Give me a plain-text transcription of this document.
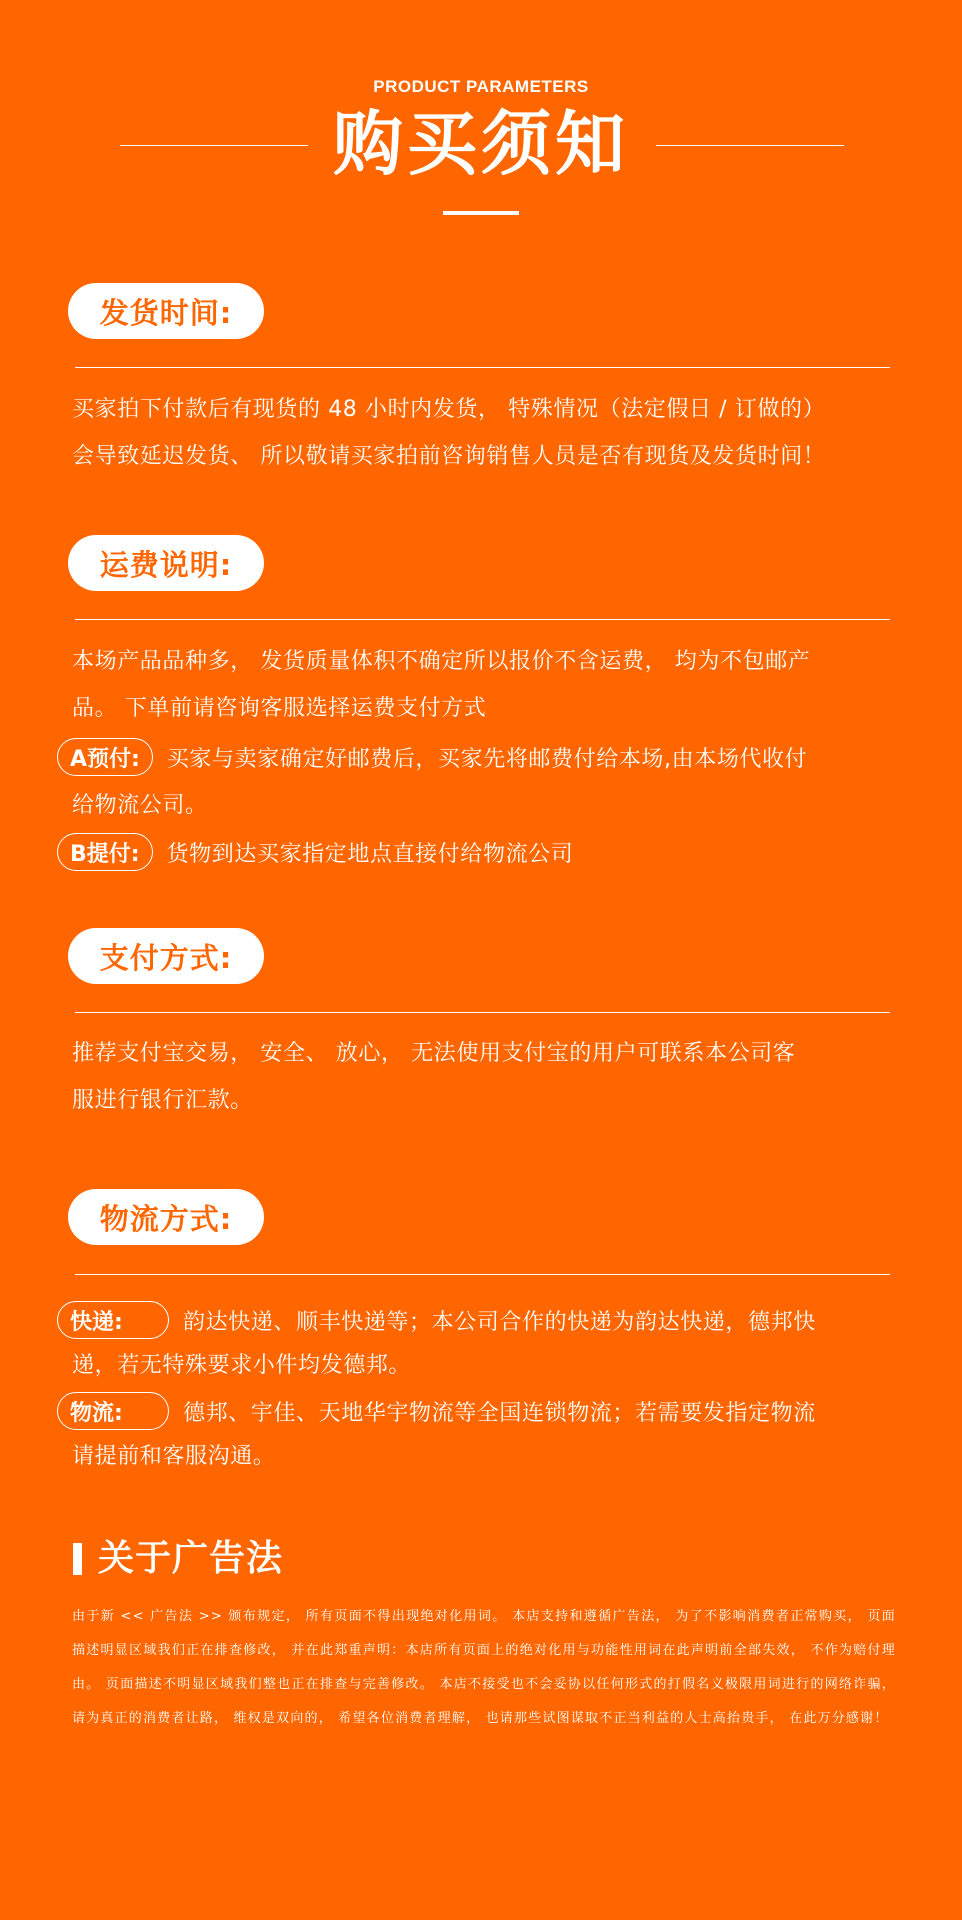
PRODUCT PARAMETERS
购买须知
发货时间:
买家拍下付款后有现货的 48 小时内发货， 特殊情况（法定假日 / 订做的）
会导致延迟发货、 所以敬请买家拍前咨询销售人员是否有现货及发货时间！
运费说明:
本场产品品种多， 发货质量体积不确定所以报价不含运费， 均为不包邮产
品。 下单前请咨询客服选择运费支付方式
A预付:	买家与卖家确定好邮费后，买家先将邮费付给本场,由本场代收付
给物流公司。
B提付:	货物到达买家指定地点直接付给物流公司
支付方式:
推荐支付宝交易， 安全、 放心， 无法使用支付宝的用户可联系本公司客
服进行银行汇款。
物流方式:
快递:	韵达快递、顺丰快递等；本公司合作的快递为韵达快递，德邦快
递，若无特殊要求小件均发德邦。
物流:	德邦、宇佳、天地华宇物流等全国连锁物流；若需要发指定物流
请提前和客服沟通。
关于广告法
由于新 << 广告法 >> 颁布规定， 所有页面不得出现绝对化用词。 本店支持和遵循广告法， 为了不影响消费者正常购买， 页面描述明显区域我们正在排查修改， 并在此郑重声明：本店所有页面上的绝对化用与功能性用词在此声明前全部失效， 不作为赔付理由。 页面描述不明显区域我们整也正在排查与完善修改。 本店不接受也不会妥协以任何形式的打假名义极限用词进行的网络诈骗， 请为真正的消费者让路， 维权是双向的， 希望各位消费者理解， 也请那些试图谋取不正当利益的人士高抬贵手， 在此万分感谢！
